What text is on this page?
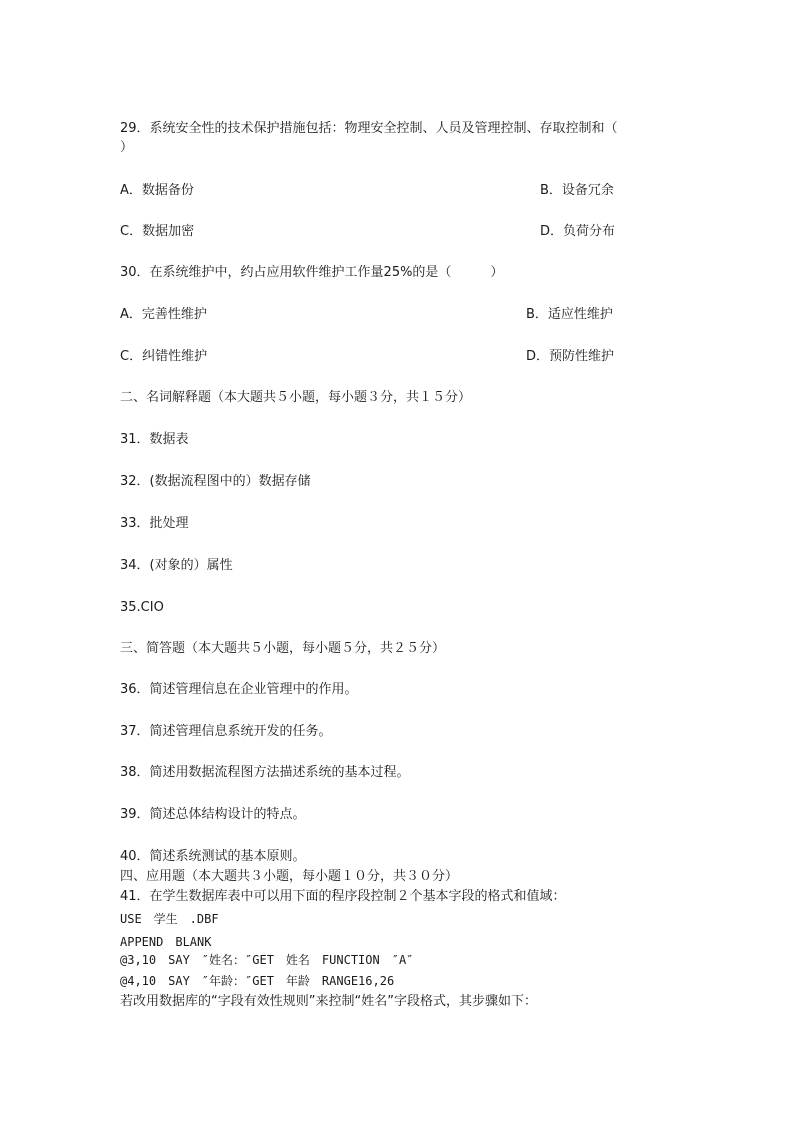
29．系统安全性的技术保护措施包括：物理安全控制、人员及管理控制、存取控制和（
）
A．数据备份	B．设备冗余
C．数据加密	D．负荷分布
30．在系统维护中，约占应用软件维护工作量25%的是（　　　）
A．完善性维护	B．适应性维护
C．纠错性维护	D．预防性维护
二、名词解释题（本大题共５小题，每小题３分，共１５分）
31．数据表
32．(数据流程图中的）数据存储
33．批处理
34．(对象的）属性
35.CIO
三、简答题（本大题共５小题，每小题５分，共２５分）
36．简述管理信息在企业管理中的作用。
37．简述管理信息系统开发的任务。
38．简述用数据流程图方法描述系统的基本过程。
39．简述总体结构设计的特点。
40．简述系统测试的基本原则。
四、应用题（本大题共３小题，每小题１０分，共３０分）
41．在学生数据库表中可以用下面的程序段控制２个基本字段的格式和值域：
USE　学生　.DBF
APPEND　BLANK
@3,10　SAY　″姓名：″GET　姓名　FUNCTION　″A″
@4,10　SAY　″年龄：″GET　年龄　RANGE16,26
若改用数据库的“字段有效性规则”来控制“姓名”字段格式，其步骤如下：
